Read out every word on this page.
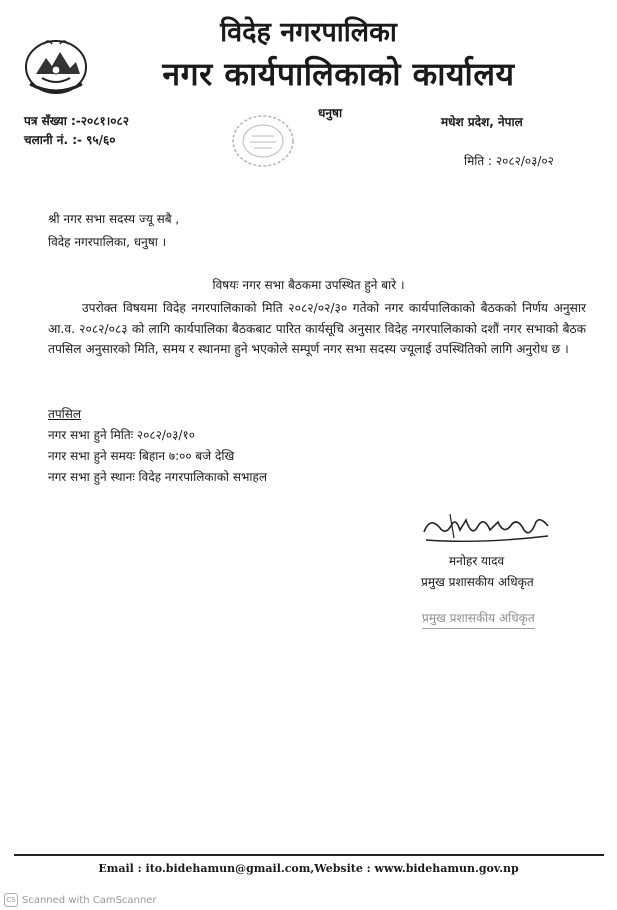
विदेह नगरपालिका
नगर कार्यपालिकाको कार्यालय
पत्र सँख्या :-२०८१।०८२
चलानी नं. :- ९५/६०
धनुषा
मधेश प्रदेश, नेपाल
मिति : २०८२/०३/०२
श्री नगर सभा सदस्य ज्यू सबै ,
विदेह नगरपालिका, धनुषा ।
विषयः नगर सभा बैठकमा उपस्थित हुने बारे ।
उपरोक्त विषयमा विदेह नगरपालिकाको मिति २०८२/०२/३० गतेको नगर कार्यपालिकाको बैठकको निर्णय अनुसार आ.व. २०८२/०८३ को लागि कार्यपालिका बैठकबाट पारित कार्यसूचि अनुसार विदेह नगरपालिकाको दशौं नगर सभाको बैठक तपसिल अनुसारको मिति, समय र स्थानमा हुने भएकोले सम्पूर्ण नगर सभा सदस्य ज्यूलाई उपस्थितिको लागि अनुरोध छ ।
तपसिल
नगर सभा हुने मितिः २०८२/०३/१०
नगर सभा हुने समयः बिहान ७:०० बजे देखि
नगर सभा हुने स्थानः विदेह नगरपालिकाको सभाहल
मनोहर यादव
प्रमुख प्रशासकीय अधिकृत
प्रमुख प्रशासकीय अधिकृत
Email : ito.bidehamun@gmail.com,Website : www.bidehamun.gov.np
CS Scanned with CamScanner
